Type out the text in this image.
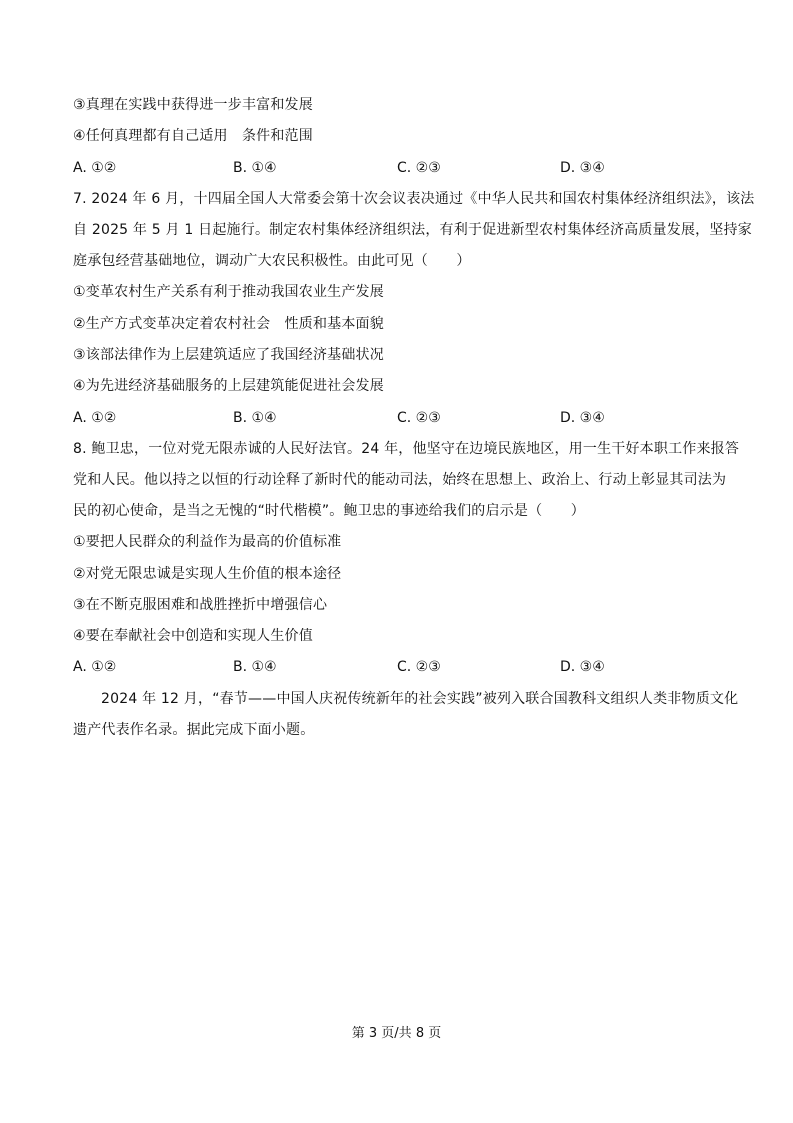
③真理在实践中获得进一步丰富和发展
④任何真理都有自己适用　条件和范围
A. ①②	B. ①④	C. ②③	D. ③④
7. 2024 年 6 月，十四届全国人大常委会第十次会议表决通过《中华人民共和国农村集体经济组织法》，该法
自 2025 年 5 月 1 日起施行。制定农村集体经济组织法，有利于促进新型农村集体经济高质量发展，坚持家
庭承包经营基础地位，调动广大农民积极性。由此可见（　　）
①变革农村生产关系有利于推动我国农业生产发展
②生产方式变革决定着农村社会　性质和基本面貌
③该部法律作为上层建筑适应了我国经济基础状况
④为先进经济基础服务的上层建筑能促进社会发展
A. ①②	B. ①④	C. ②③	D. ③④
8. 鲍卫忠，一位对党无限赤诚的人民好法官。24 年，他坚守在边境民族地区，用一生干好本职工作来报答
党和人民。他以持之以恒的行动诠释了新时代的能动司法，始终在思想上、政治上、行动上彰显其司法为
民的初心使命，是当之无愧的“时代楷模”。鲍卫忠的事迹给我们的启示是（　　）
①要把人民群众的利益作为最高的价值标准
②对党无限忠诚是实现人生价值的根本途径
③在不断克服困难和战胜挫折中增强信心
④要在奉献社会中创造和实现人生价值
A. ①②	B. ①④	C. ②③	D. ③④
2024 年 12 月，“春节——中国人庆祝传统新年的社会实践”被列入联合国教科文组织人类非物质文化
遗产代表作名录。据此完成下面小题。
第 3 页/共 8 页
